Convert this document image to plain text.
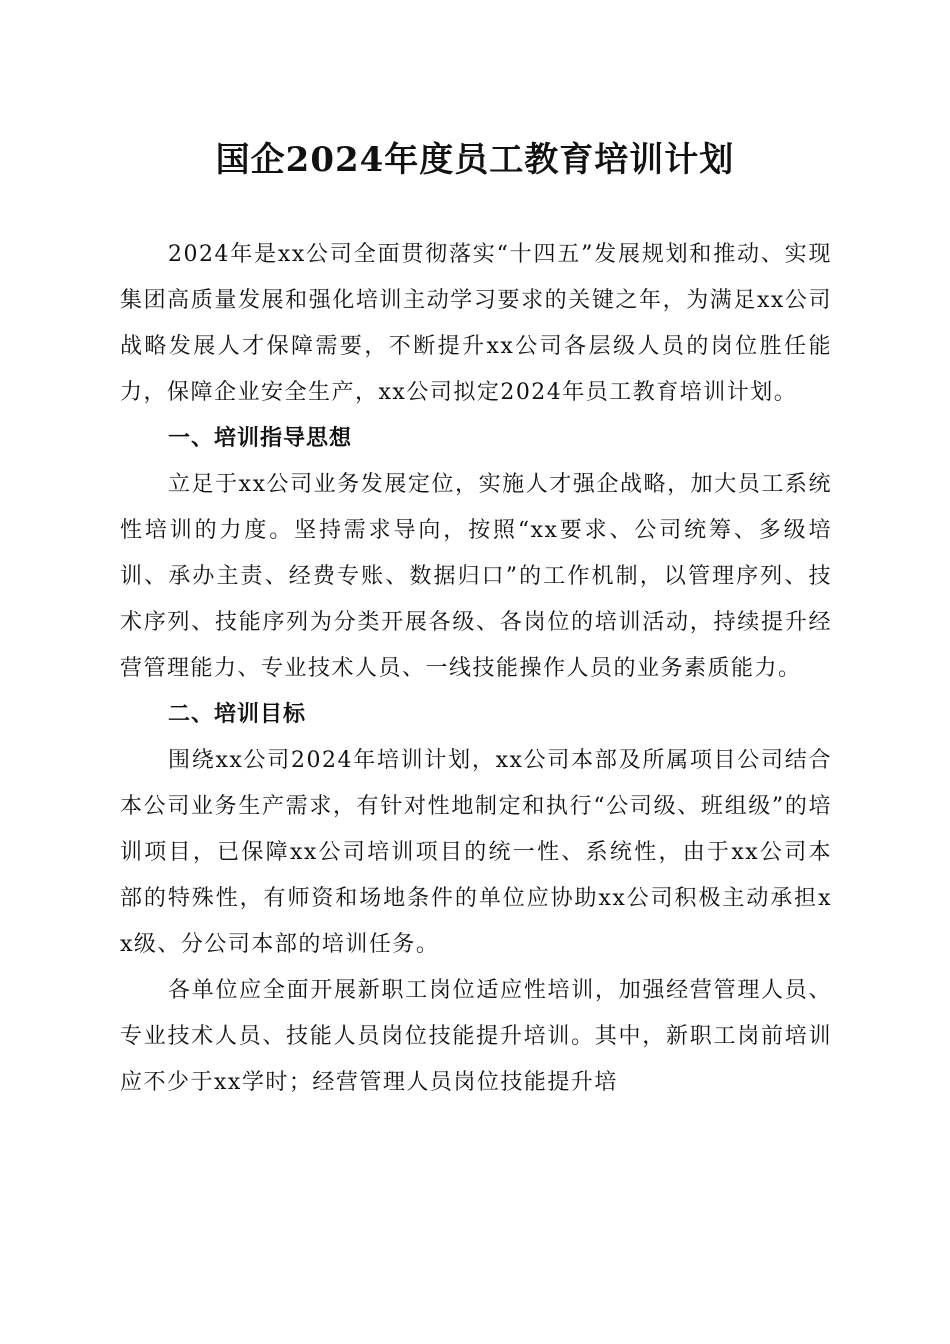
国企2024年度员工教育培训计划

2024年是xx公司全面贯彻落实“十四五”发展规划和推动、实现集团高质量发展和强化培训主动学习要求的关键之年，为满足xx公司战略发展人才保障需要，不断提升xx公司各层级人员的岗位胜任能力，保障企业安全生产，xx公司拟定2024年员工教育培训计划。

一、培训指导思想

立足于xx公司业务发展定位，实施人才强企战略，加大员工系统性培训的力度。坚持需求导向，按照“xx要求、公司统筹、多级培训、承办主责、经费专账、数据归口”的工作机制，以管理序列、技术序列、技能序列为分类开展各级、各岗位的培训活动，持续提升经营管理能力、专业技术人员、一线技能操作人员的业务素质能力。

二、培训目标

围绕xx公司2024年培训计划，xx公司本部及所属项目公司结合本公司业务生产需求，有针对性地制定和执行“公司级、班组级”的培训项目，已保障xx公司培训项目的统一性、系统性，由于xx公司本部的特殊性，有师资和场地条件的单位应协助xx公司积极主动承担xx级、分公司本部的培训任务。

各单位应全面开展新职工岗位适应性培训，加强经营管理人员、专业技术人员、技能人员岗位技能提升培训。其中，新职工岗前培训应不少于xx学时；经营管理人员岗位技能提升培
